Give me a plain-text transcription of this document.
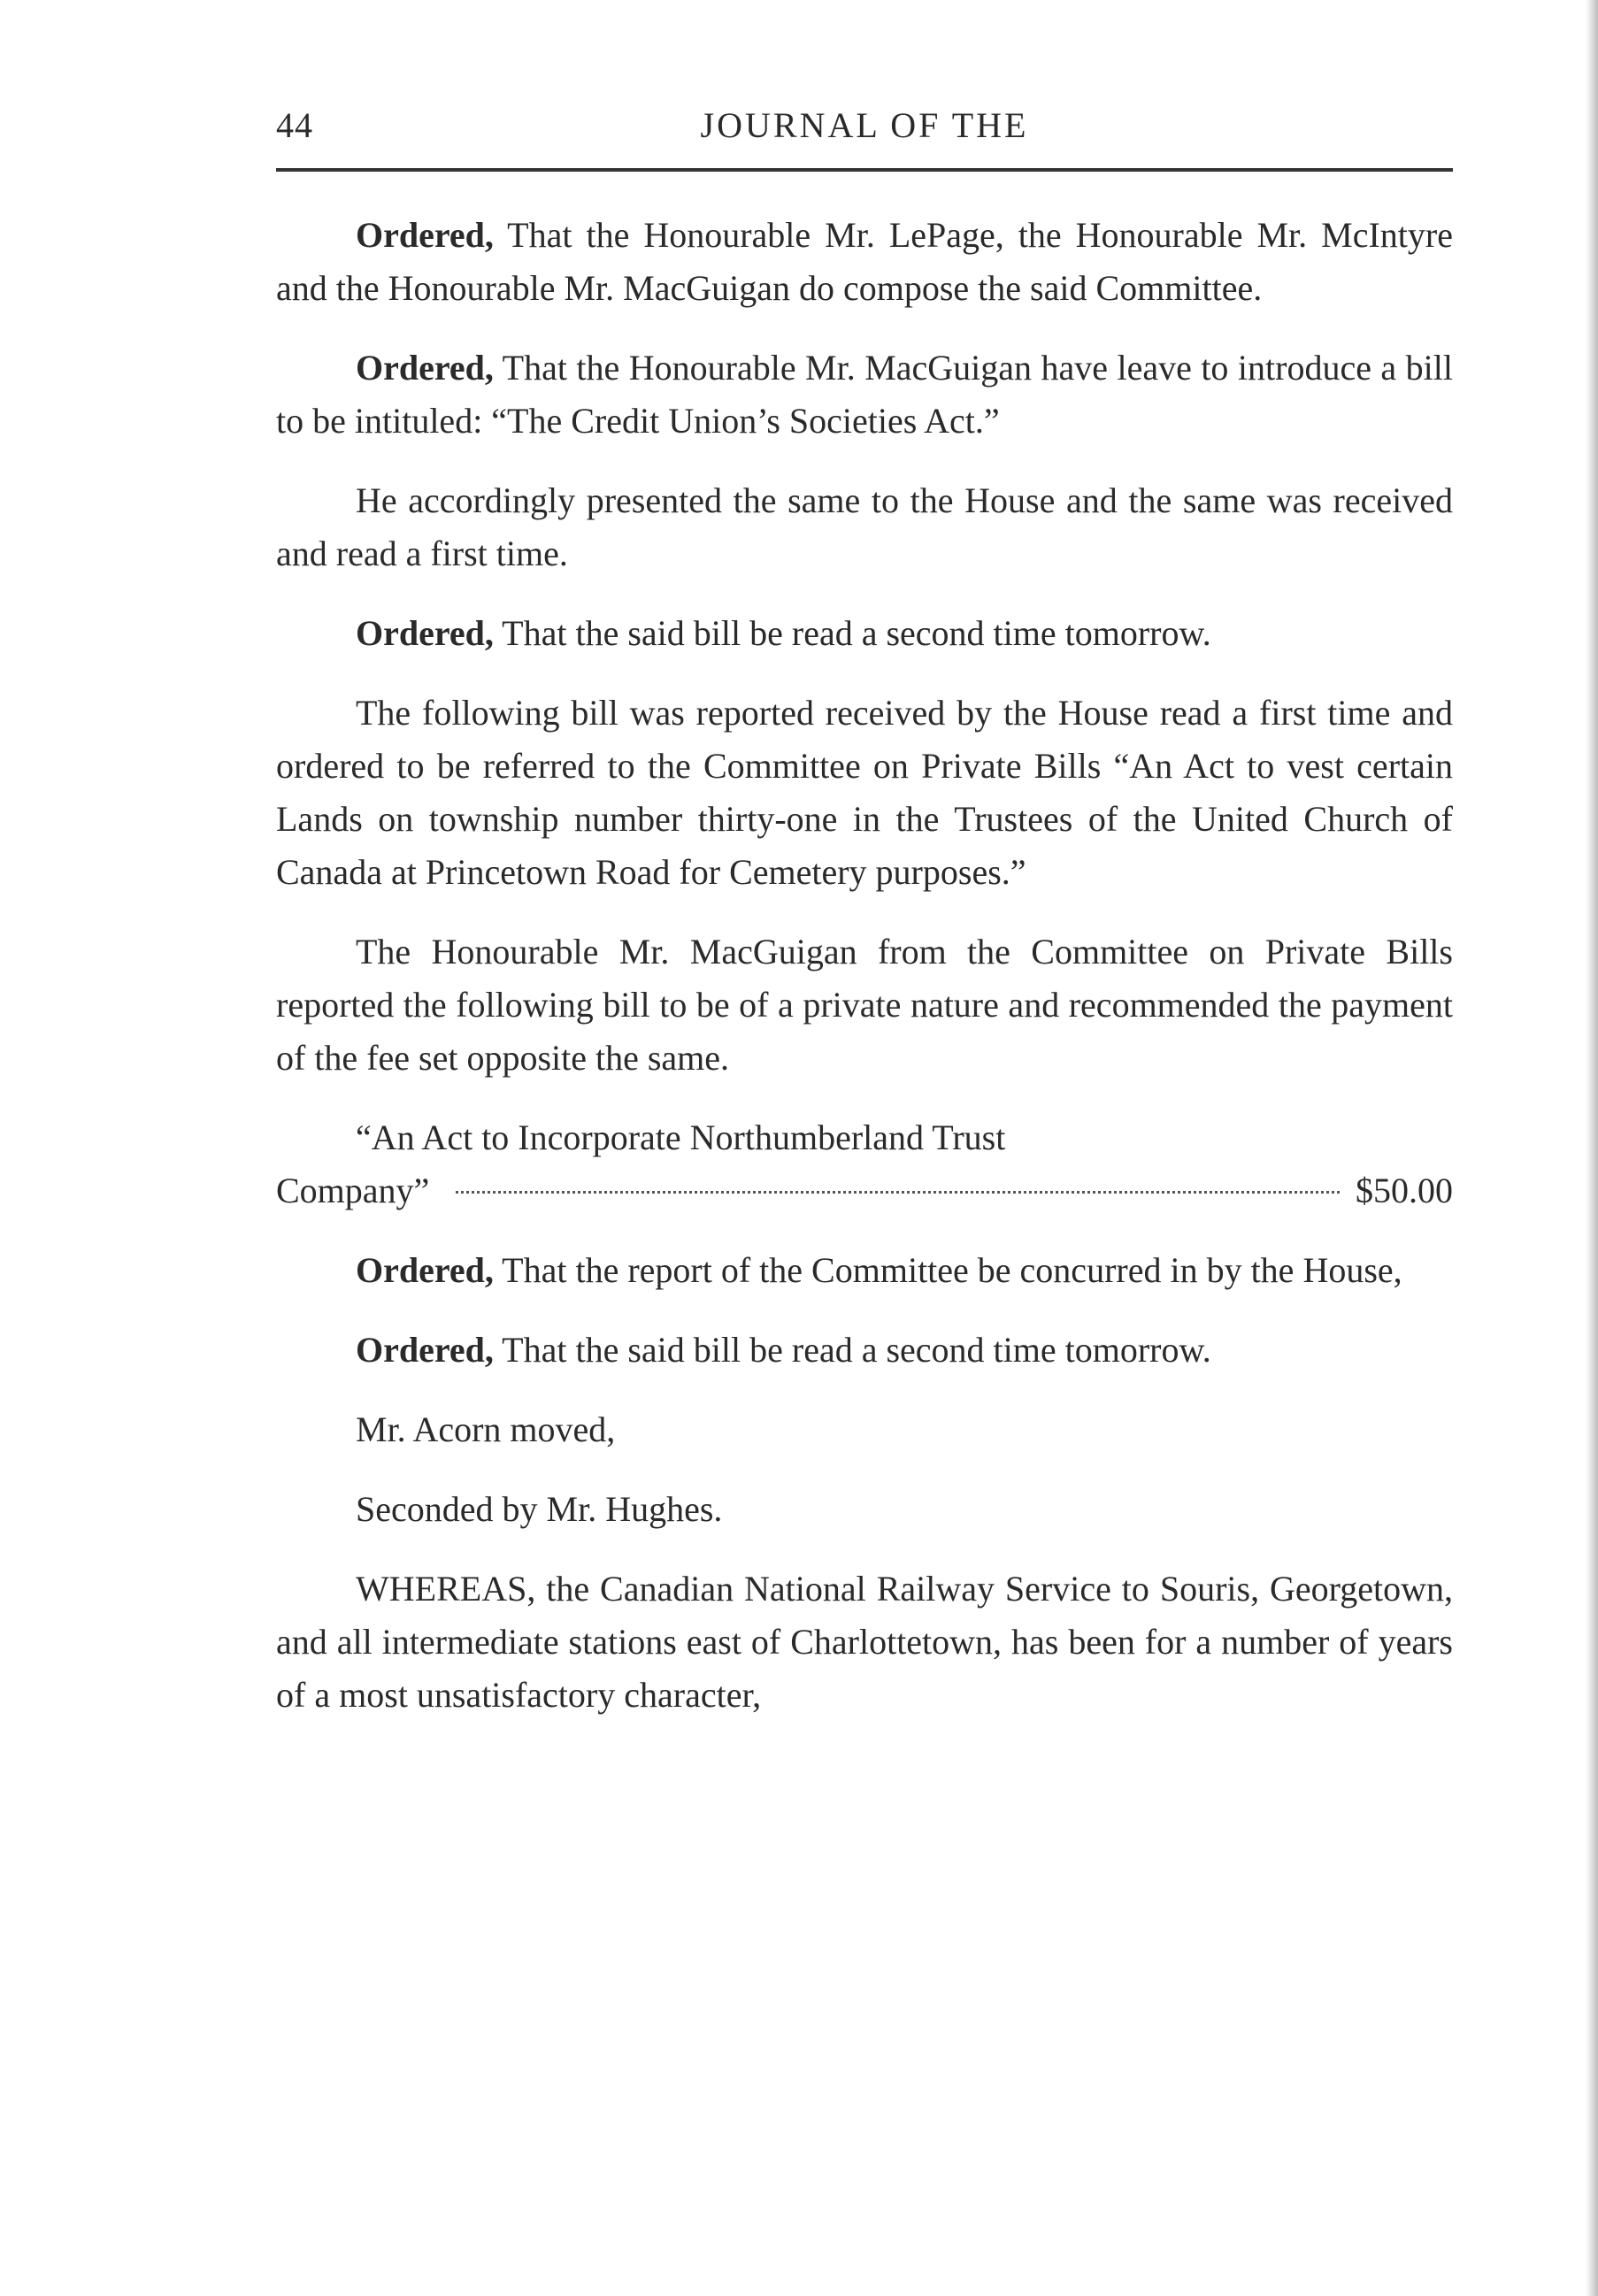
44	JOURNAL OF THE

Ordered, That the Honourable Mr. LePage, the Honourable Mr. McIntyre and the Honourable Mr. MacGuigan do compose the said Committee.

Ordered, That the Honourable Mr. MacGuigan have leave to introduce a bill to be intituled: “The Credit Union’s Societies Act.”

He accordingly presented the same to the House and the same was received and read a first time.

Ordered, That the said bill be read a second time tomorrow.

The following bill was reported received by the House read a first time and ordered to be referred to the Committee on Private Bills “An Act to vest certain Lands on township number thirty-one in the Trustees of the United Church of Canada at Princetown Road for Cemetery purposes.”

The Honourable Mr. MacGuigan from the Committee on Private Bills reported the following bill to be of a private nature and recommended the payment of the fee set opposite the same.

“An Act to Incorporate Northumberland Trust
Company”	$50.00

Ordered, That the report of the Committee be concurred in by the House,

Ordered, That the said bill be read a second time tomorrow.

Mr. Acorn moved,

Seconded by Mr. Hughes.

WHEREAS, the Canadian National Railway Service to Souris, Georgetown, and all intermediate stations east of Charlottetown, has been for a number of years of a most unsatisfactory character,
